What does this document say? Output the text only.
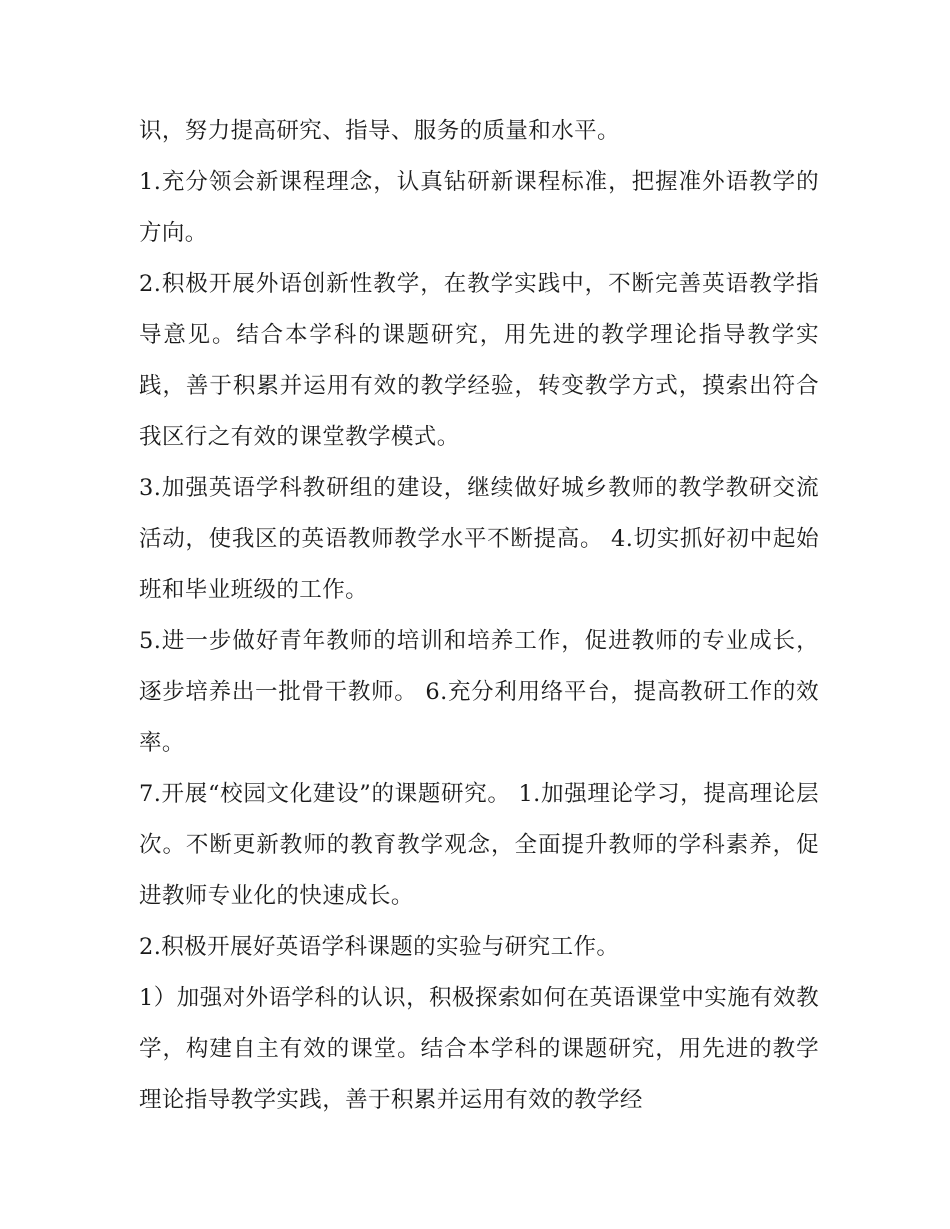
识，努力提高研究、指导、服务的质量和水平。

1.充分领会新课程理念，认真钻研新课程标准，把握准外语教学的方向。

2.积极开展外语创新性教学，在教学实践中，不断完善英语教学指导意见。结合本学科的课题研究，用先进的教学理论指导教学实践，善于积累并运用有效的教学经验，转变教学方式，摸索出符合我区行之有效的课堂教学模式。

3.加强英语学科教研组的建设，继续做好城乡教师的教学教研交流活动，使我区的英语教师教学水平不断提高。 4.切实抓好初中起始班和毕业班级的工作。

5.进一步做好青年教师的培训和培养工作，促进教师的专业成长，逐步培养出一批骨干教师。 6.充分利用络平台，提高教研工作的效率。

7.开展“校园文化建设”的课题研究。 1.加强理论学习，提高理论层次。不断更新教师的教育教学观念，全面提升教师的学科素养，促进教师专业化的快速成长。

2.积极开展好英语学科课题的实验与研究工作。

1）加强对外语学科的认识，积极探索如何在英语课堂中实施有效教学，构建自主有效的课堂。结合本学科的课题研究，用先进的教学理论指导教学实践，善于积累并运用有效的教学经
